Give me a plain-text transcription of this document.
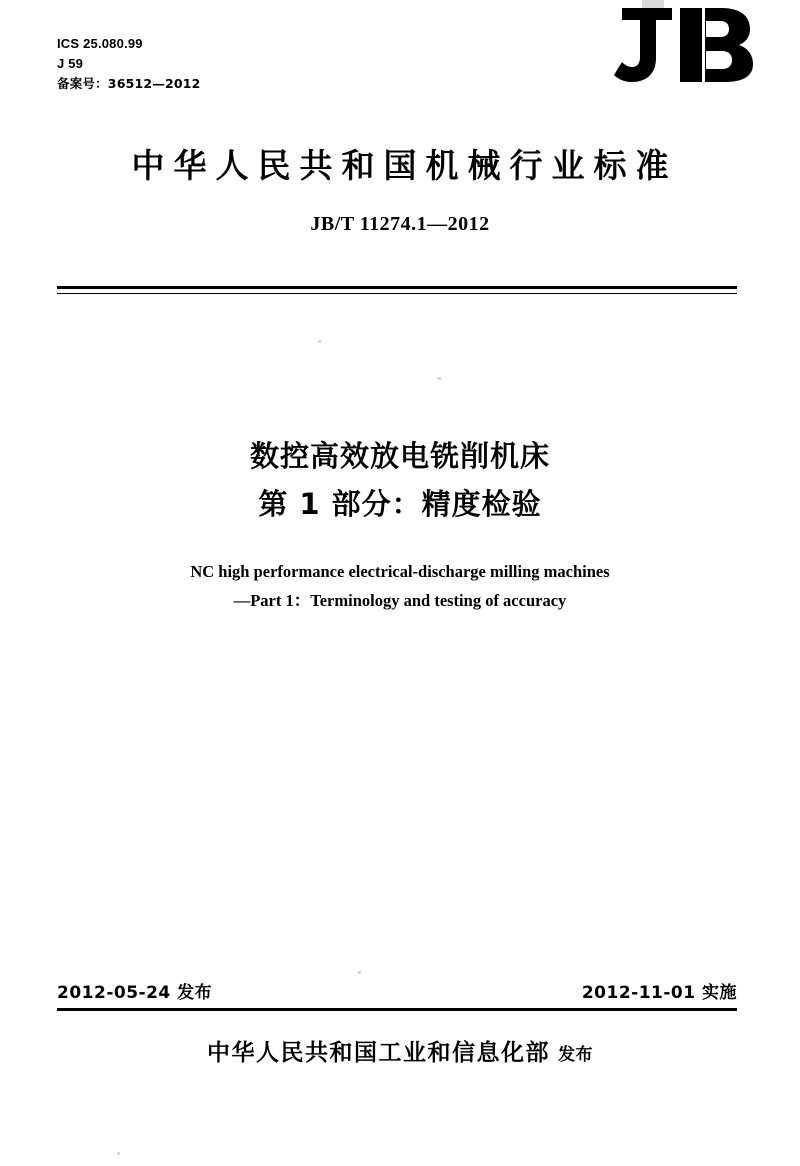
ICS 25.080.99
J 59
备案号：36512—2012
中华人民共和国机械行业标准
JB/T 11274.1—2012
数控高效放电铣削机床
第 1 部分：精度检验
NC high performance electrical-discharge milling machines
—Part 1：Terminology and testing of accuracy
2012-05-24 发布	2012-11-01 实施
中华人民共和国工业和信息化部 发布
